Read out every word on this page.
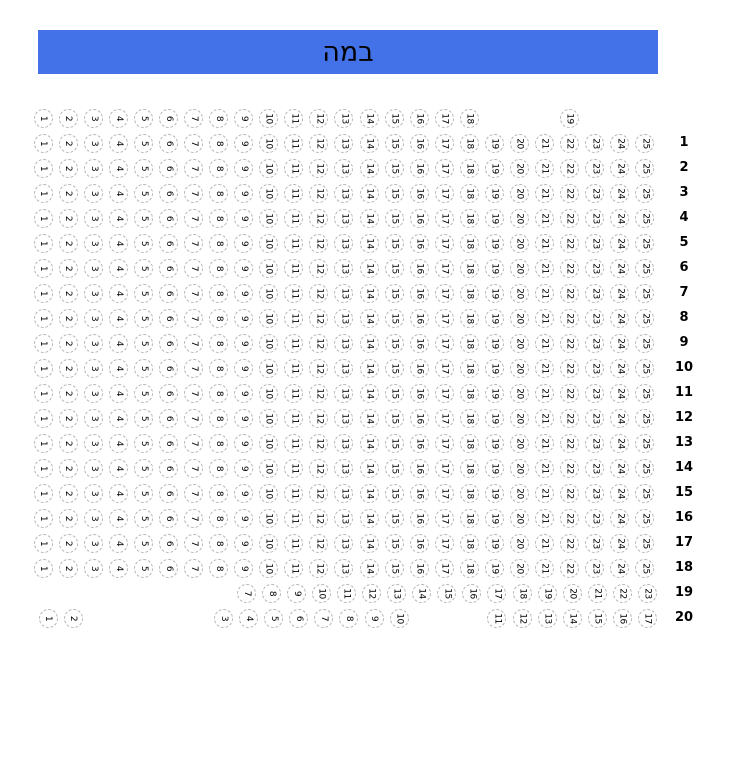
במה
1 2 3 4 5 6 7 8 9 10 11 12 13 14 15 16 17 18	19
1 2 3 4 5 6 7 8 9 10 11 12 13 14 15 16 17 18 19 20 21 22 23 24 25	1
1 2 3 4 5 6 7 8 9 10 11 12 13 14 15 16 17 18 19 20 21 22 23 24 25	2
1 2 3 4 5 6 7 8 9 10 11 12 13 14 15 16 17 18 19 20 21 22 23 24 25	3
1 2 3 4 5 6 7 8 9 10 11 12 13 14 15 16 17 18 19 20 21 22 23 24 25	4
1 2 3 4 5 6 7 8 9 10 11 12 13 14 15 16 17 18 19 20 21 22 23 24 25	5
1 2 3 4 5 6 7 8 9 10 11 12 13 14 15 16 17 18 19 20 21 22 23 24 25	6
1 2 3 4 5 6 7 8 9 10 11 12 13 14 15 16 17 18 19 20 21 22 23 24 25	7
1 2 3 4 5 6 7 8 9 10 11 12 13 14 15 16 17 18 19 20 21 22 23 24 25	8
1 2 3 4 5 6 7 8 9 10 11 12 13 14 15 16 17 18 19 20 21 22 23 24 25	9
1 2 3 4 5 6 7 8 9 10 11 12 13 14 15 16 17 18 19 20 21 22 23 24 25	10
1 2 3 4 5 6 7 8 9 10 11 12 13 14 15 16 17 18 19 20 21 22 23 24 25	11
1 2 3 4 5 6 7 8 9 10 11 12 13 14 15 16 17 18 19 20 21 22 23 24 25	12
1 2 3 4 5 6 7 8 9 10 11 12 13 14 15 16 17 18 19 20 21 22 23 24 25	13
1 2 3 4 5 6 7 8 9 10 11 12 13 14 15 16 17 18 19 20 21 22 23 24 25	14
1 2 3 4 5 6 7 8 9 10 11 12 13 14 15 16 17 18 19 20 21 22 23 24 25	15
1 2 3 4 5 6 7 8 9 10 11 12 13 14 15 16 17 18 19 20 21 22 23 24 25	16
1 2 3 4 5 6 7 8 9 10 11 12 13 14 15 16 17 18 19 20 21 22 23 24 25	17
1 2 3 4 5 6 7 8 9 10 11 12 13 14 15 16 17 18 19 20 21 22 23 24 25	18
7 8 9 10 11 12 13 14 15 16 17 18 19 20 21 22 23	19
1 2	3 4 5 6 7 8 9 10	11 12 13 14 15 16 17	20
